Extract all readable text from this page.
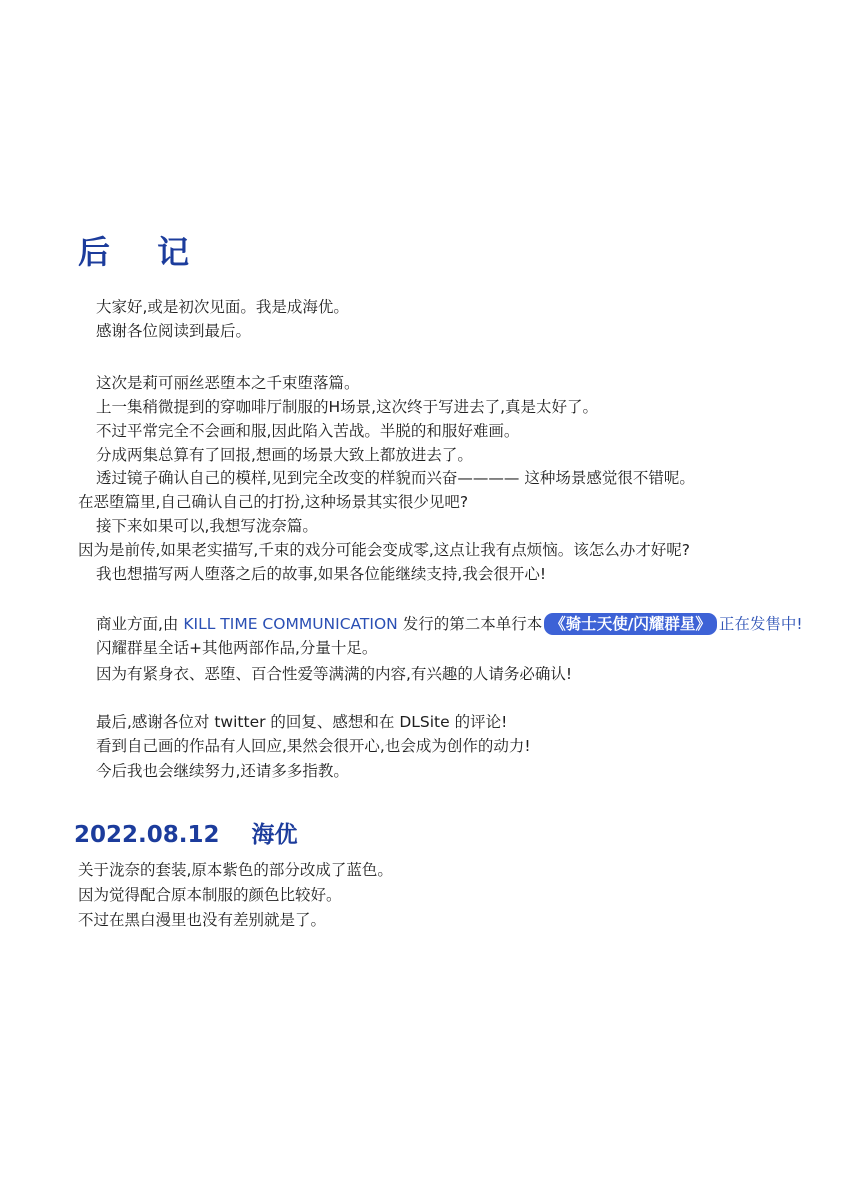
后 记
大家好,或是初次见面。我是成海优。
感谢各位阅读到最后。
这次是莉可丽丝恶堕本之千束堕落篇。
上一集稍微提到的穿咖啡厅制服的H场景,这次终于写进去了,真是太好了。
不过平常完全不会画和服,因此陷入苦战。半脱的和服好难画。
分成两集总算有了回报,想画的场景大致上都放进去了。
透过镜子确认自己的模样,见到完全改变的样貌而兴奋———— 这种场景感觉很不错呢。
在恶堕篇里,自己确认自己的打扮,这种场景其实很少见吧?
接下来如果可以,我想写泷奈篇。
因为是前传,如果老实描写,千束的戏分可能会变成零,这点让我有点烦恼。该怎么办才好呢?
我也想描写两人堕落之后的故事,如果各位能继续支持,我会很开心!
商业方面,由 KILL TIME COMMUNICATION 发行的第二本单行本 《骑士天使/闪耀群星》 正在发售中!
闪耀群星全话+其他两部作品,分量十足。
因为有紧身衣、恶堕、百合性爱等满满的内容,有兴趣的人请务必确认!
最后,感谢各位对 twitter 的回复、感想和在 DLSite 的评论!
看到自己画的作品有人回应,果然会很开心,也会成为创作的动力!
今后我也会继续努力,还请多多指教。
2022.08.12 海优
关于泷奈的套装,原本紫色的部分改成了蓝色。
因为觉得配合原本制服的颜色比较好。
不过在黑白漫里也没有差别就是了。
